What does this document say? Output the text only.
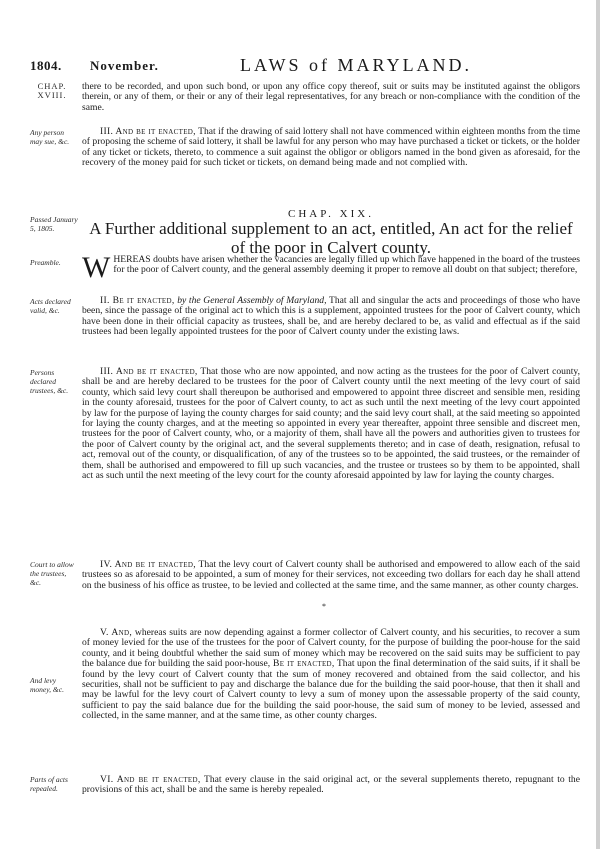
1804. November.	LAWS of MARYLAND.
CHAP.
XVIII.
Any person may sue, &c.
Passed January 5, 1805.
Preamble.
Acts declared valid, &c.
Persons declared trustees, &c.
Court to allow the trustees, &c.
And levy money, &c.
Parts of acts repealed.
there to be recorded, and upon such bond, or upon any office copy thereof, suit or suits may be instituted against the obligors therein, or any of them, or their or any of their legal representatives, for any breach or non-compliance with the condition of the same.
III. And be it enacted, That if the drawing of said lottery shall not have commenced within eighteen months from the time of proposing the scheme of said lottery, it shall be lawful for any person who may have purchased a ticket or tickets, or the holder of any ticket or tickets, thereto, to commence a suit against the obligor or obligors named in the bond given as aforesaid, for the recovery of the money paid for such ticket or tickets, on demand being made and not complied with.
CHAP. XIX.
A Further additional supplement to an act, entitled, An act for the relief of the poor in Calvert county.
WHEREAS doubts have arisen whether the vacancies are legally filled up which have happened in the board of the trustees for the poor of Calvert county, and the general assembly deeming it proper to remove all doubt on that subject; therefore,
II. Be it enacted, by the General Assembly of Maryland, That all and singular the acts and proceedings of those who have been, since the passage of the original act to which this is a supplement, appointed trustees for the poor of Calvert county, which have been done in their official capacity as trustees, shall be, and are hereby declared to be, as valid and effectual as if the said trustees had been legally appointed trustees for the poor of Calvert county under the existing laws.
III. And be it enacted, That those who are now appointed, and now acting as the trustees for the poor of Calvert county, shall be and are hereby declared to be trustees for the poor of Calvert county until the next meeting of the levy court of said county, which said levy court shall thereupon be authorised and empowered to appoint three discreet and sensible men, residing in the county aforesaid, trustees for the poor of Calvert county, to act as such until the next meeting of the levy court appointed by law for the purpose of laying the county charges for said county; and the said levy court shall, at the said meeting so appointed for laying the county charges, and at the meeting so appointed in every year thereafter, appoint three sensible and discreet men, trustees for the poor of Calvert county, who, or a majority of them, shall have all the powers and authorities given to trustees for the poor of Calvert county by the original act, and the several supplements thereto; and in case of death, resignation, refusal to act, removal out of the county, or disqualification, of any of the trustees so to be appointed, the said trustees, or the remainder of them, shall be authorised and empowered to fill up such vacancies, and the trustee or trustees so by them to be appointed, shall act as such until the next meeting of the levy court for the county aforesaid appointed by law for laying the county charges.
IV. And be it enacted, That the levy court of Calvert county shall be authorised and empowered to allow each of the said trustees so as aforesaid to be appointed, a sum of money for their services, not exceeding two dollars for each day he shall attend on the business of his office as trustee, to be levied and collected at the same time, and the same manner, as other county charges.
*
V. And, whereas suits are now depending against a former collector of Calvert county, and his securities, to recover a sum of money levied for the use of the trustees for the poor of Calvert county, for the purpose of building the poor-house for the said county, and it being doubtful whether the said sum of money which may be recovered on the said suits may be sufficient to pay the balance due for building the said poor-house, Be it enacted, That upon the final determination of the said suits, if it shall be found by the levy court of Calvert county that the sum of money recovered and obtained from the said collector, and his securities, shall not be sufficient to pay and discharge the balance due for the building the said poor-house, that then it shall and may be lawful for the levy court of Calvert county to levy a sum of money upon the assessable property of the said county, sufficient to pay the said balance due for the building the said poor-house, the said sum of money to be levied, assessed and collected, in the same manner, and at the same time, as other county charges.
VI. And be it enacted, That every clause in the said original act, or the several supplements thereto, repugnant to the provisions of this act, shall be and the same is hereby repealed.
